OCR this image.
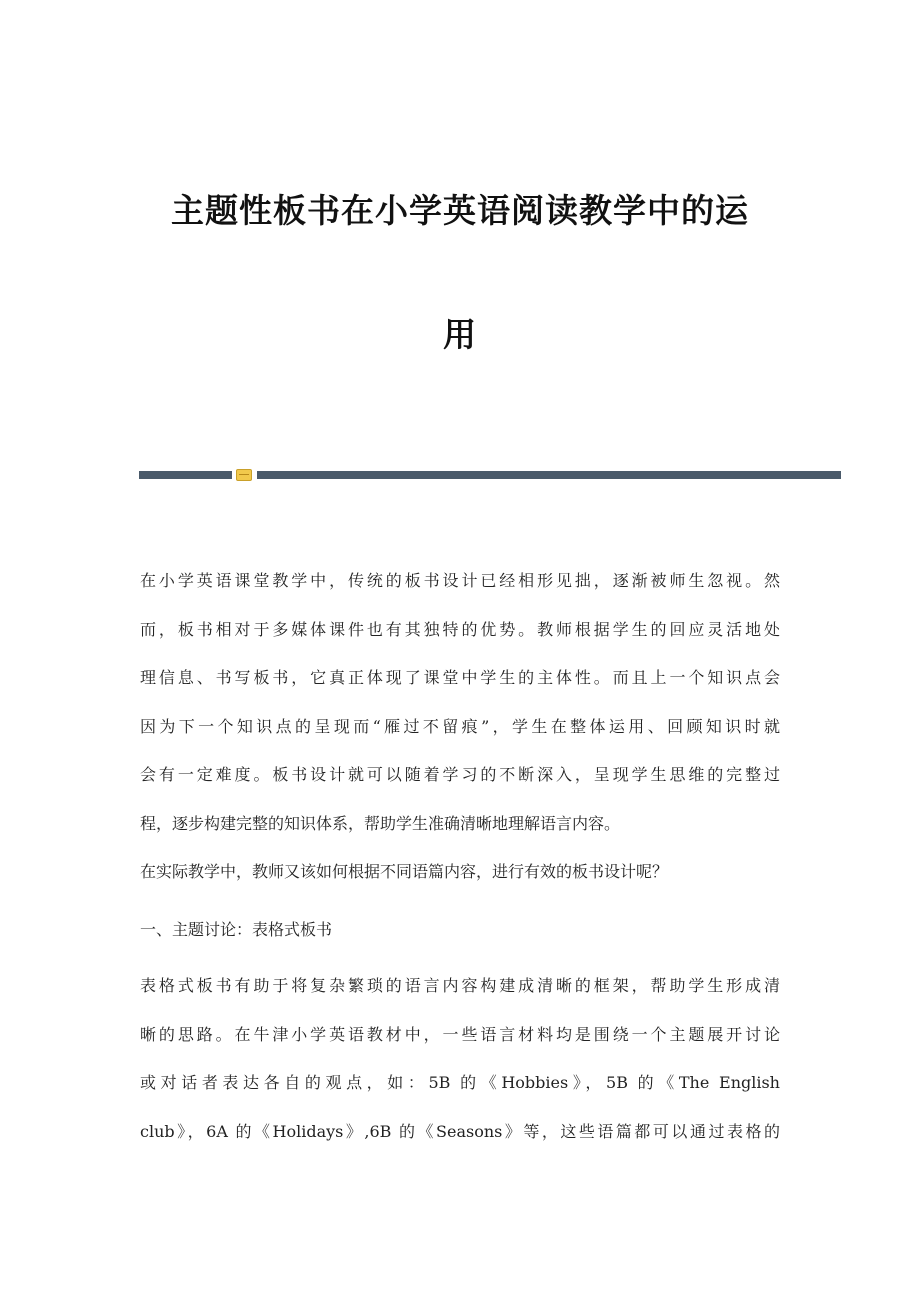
主题性板书在小学英语阅读教学中的运
用
在小学英语课堂教学中，传统的板书设计已经相形见拙，逐渐被师生忽视。然
而，板书相对于多媒体课件也有其独特的优势。教师根据学生的回应灵活地处
理信息、书写板书，它真正体现了课堂中学生的主体性。而且上一个知识点会
因为下一个知识点的呈现而“雁过不留痕”，学生在整体运用、回顾知识时就
会有一定难度。板书设计就可以随着学习的不断深入，呈现学生思维的完整过
程，逐步构建完整的知识体系，帮助学生准确清晰地理解语言内容。
在实际教学中，教师又该如何根据不同语篇内容，进行有效的板书设计呢？
一、主题讨论：表格式板书
表格式板书有助于将复杂繁琐的语言内容构建成清晰的框架，帮助学生形成清
晰的思路。在牛津小学英语教材中，一些语言材料均是围绕一个主题展开讨论
或对话者表达各自的观点，如：5B 的《Hobbies》，5B 的《The English
club》，6A 的《Holidays》,6B 的《Seasons》等，这些语篇都可以通过表格的
